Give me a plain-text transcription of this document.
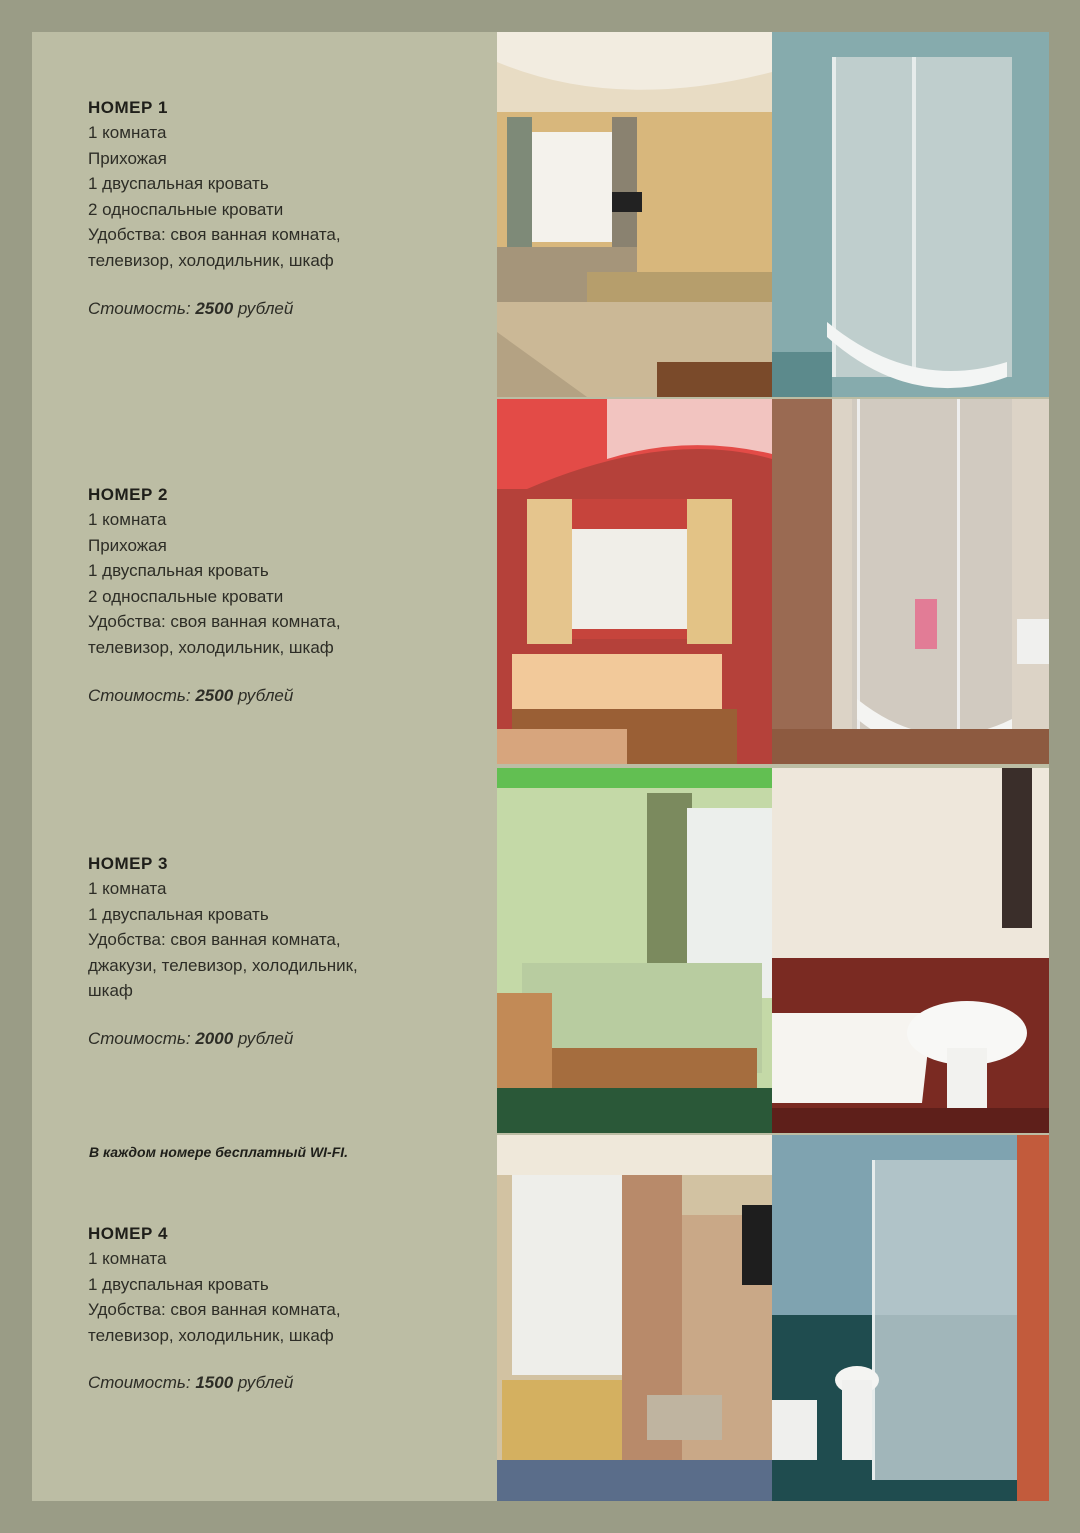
НОМЕР 1
1 комната
Прихожая
1 двуспальная кровать
2 односпальные кровати
Удобства: своя ванная комната,
телевизор, холодильник, шкаф
Стоимость: 2500 рублей
НОМЕР 2
1 комната
Прихожая
1 двуспальная кровать
2 односпальные кровати
Удобства: своя ванная комната,
телевизор, холодильник, шкаф
Стоимость: 2500 рублей
НОМЕР 3
1 комната
1 двуспальная кровать
Удобства: своя ванная комната,
джакузи, телевизор, холодильник,
шкаф
Стоимость: 2000 рублей
НОМЕР 4
1 комната
1 двуспальная кровать
Удобства: своя ванная комната,
телевизор, холодильник, шкаф
Стоимость: 1500 рублей
В каждом номере бесплатный WI-FI.
